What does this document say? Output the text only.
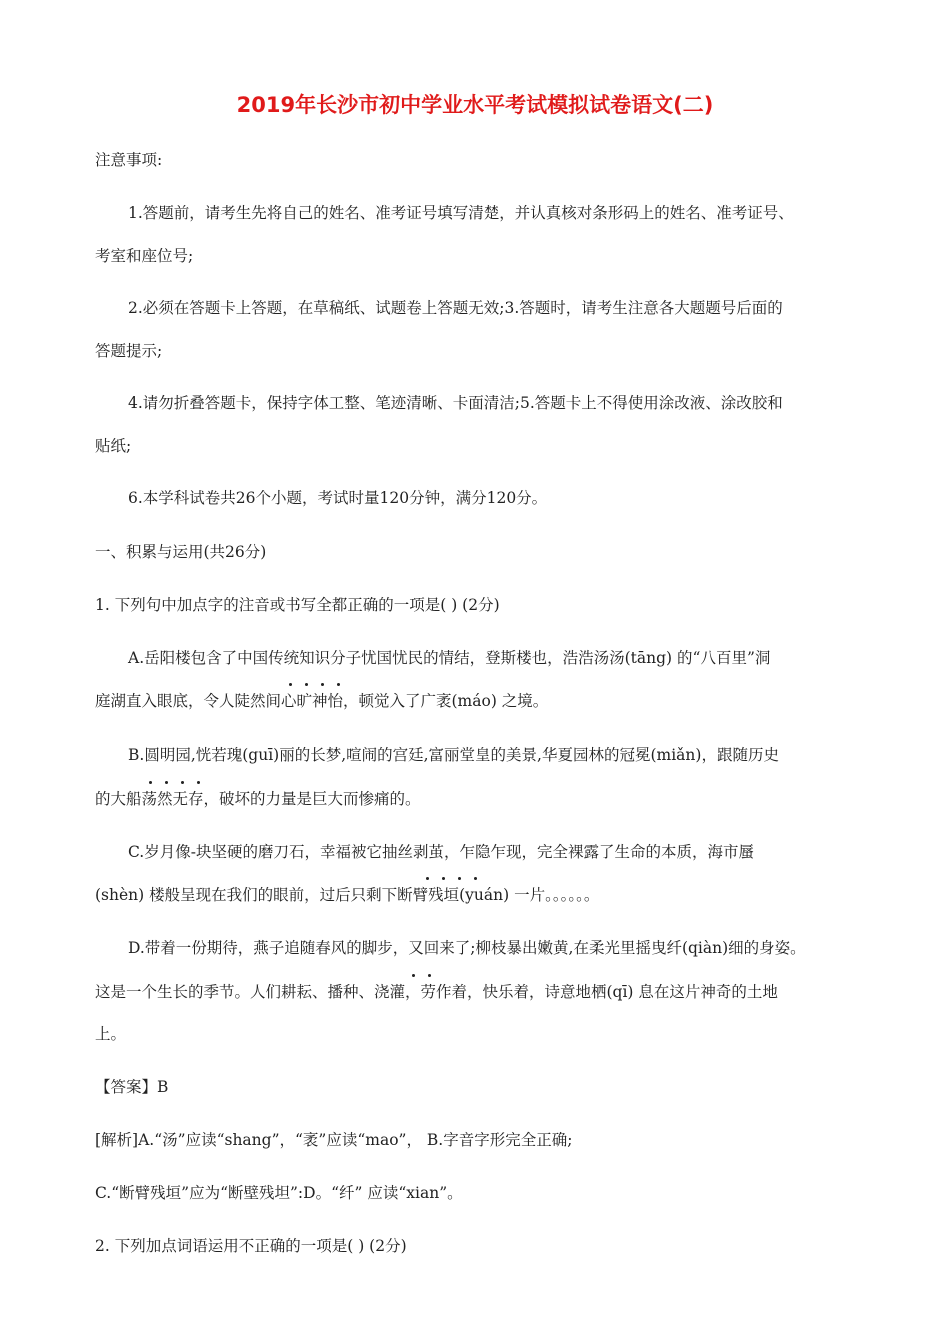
2019年长沙市初中学业水平考试模拟试卷语文(二)
注意事项:
1.答题前，请考生先将自己的姓名、准考证号填写清楚，并认真核对条形码上的姓名、准考证号、
考室和座位号;
2.必须在答题卡上答题，在草稿纸、试题卷上答题无效;3.答题时，请考生注意各大题题号后面的
答题提示;
4.请勿折叠答题卡，保持字体工整、笔迹清晰、卡面清洁;5.答题卡上不得使用涂改液、涂改胶和
贴纸;
6.本学科试卷共26个小题，考试时量120分钟，满分120分。
一、积累与运用(共26分)
1. 下列句中加点字的注音或书写全都正确的一项是( ) (2分)
A.岳阳楼包含了中国传统知识分子忧国忧民的情结，登斯楼也，浩浩汤汤(tāng) 的“八百里”洞
庭湖直入眼底，令人陡然间心旷神怡，顿觉入了广袤(máo) 之境。
B.圆明园,恍若瑰(guī)丽的长梦,喧闹的宫廷,富丽堂皇的美景,华夏园林的冠冕(miǎn)，跟随历史
的大船荡然无存，破坏的力量是巨大而惨痛的。
C.岁月像-块坚硬的磨刀石，幸福被它抽丝剥茧，乍隐乍现，完全裸露了生命的本质，海市蜃
(shèn) 楼般呈现在我们的眼前，过后只剩下断臂残垣(yuán) 一片。。。。。。
D.带着一份期待，燕子追随春风的脚步，又回来了;柳枝暴出嫩黄,在柔光里摇曳纤(qiàn)细的身姿。
这是一个生长的季节。人们耕耘、播种、浇灌，劳作着，快乐着，诗意地栖(qī) 息在这片神奇的土地
上。
【答案】B
[解析]A.“汤”应读“shang”，“袤”应读“mao”， B.字音字形完全正确;
C.“断臂残垣”应为“断壁残坦”:D。“纤” 应读“xian”。
2. 下列加点词语运用不正确的一项是( ) (2分)
